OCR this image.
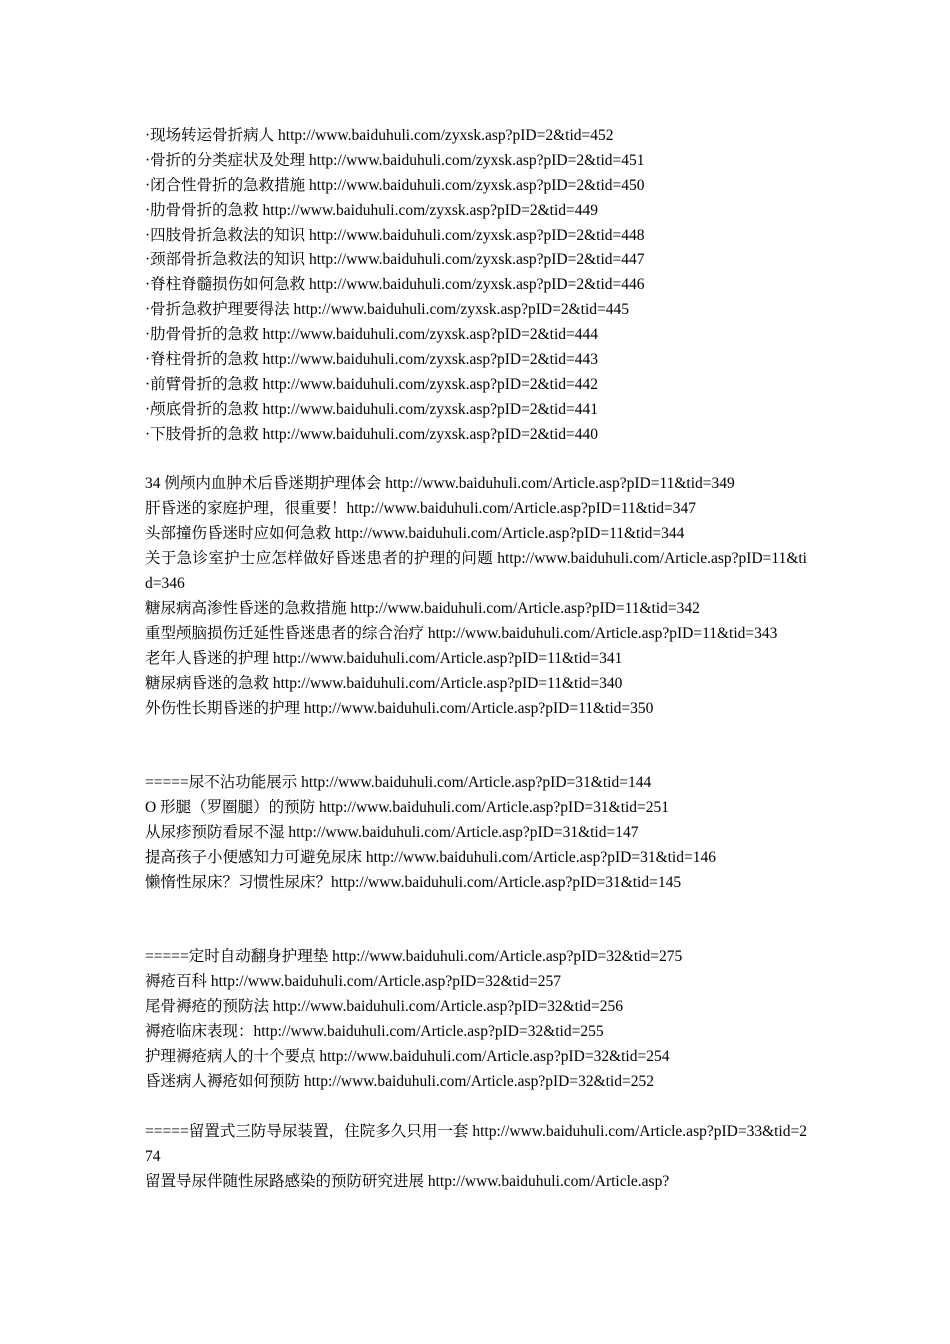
·现场转运骨折病人 http://www.baiduhuli.com/zyxsk.asp?pID=2&tid=452
·骨折的分类症状及处理 http://www.baiduhuli.com/zyxsk.asp?pID=2&tid=451
·闭合性骨折的急救措施 http://www.baiduhuli.com/zyxsk.asp?pID=2&tid=450
·肋骨骨折的急救 http://www.baiduhuli.com/zyxsk.asp?pID=2&tid=449
·四肢骨折急救法的知识 http://www.baiduhuli.com/zyxsk.asp?pID=2&tid=448
·颈部骨折急救法的知识 http://www.baiduhuli.com/zyxsk.asp?pID=2&tid=447
·脊柱脊髓损伤如何急救 http://www.baiduhuli.com/zyxsk.asp?pID=2&tid=446
·骨折急救护理要得法 http://www.baiduhuli.com/zyxsk.asp?pID=2&tid=445
·肋骨骨折的急救 http://www.baiduhuli.com/zyxsk.asp?pID=2&tid=444
·脊柱骨折的急救 http://www.baiduhuli.com/zyxsk.asp?pID=2&tid=443
·前臂骨折的急救 http://www.baiduhuli.com/zyxsk.asp?pID=2&tid=442
·颅底骨折的急救 http://www.baiduhuli.com/zyxsk.asp?pID=2&tid=441
·下肢骨折的急救 http://www.baiduhuli.com/zyxsk.asp?pID=2&tid=440
34 例颅内血肿术后昏迷期护理体会 http://www.baiduhuli.com/Article.asp?pID=11&tid=349
肝昏迷的家庭护理，很重要！http://www.baiduhuli.com/Article.asp?pID=11&tid=347
头部撞伤昏迷时应如何急救 http://www.baiduhuli.com/Article.asp?pID=11&tid=344
关于急诊室护士应怎样做好昏迷患者的护理的问题 http://www.baiduhuli.com/Article.asp?pID=11&tid=346
糖尿病高渗性昏迷的急救措施 http://www.baiduhuli.com/Article.asp?pID=11&tid=342
重型颅脑损伤迁延性昏迷患者的综合治疗 http://www.baiduhuli.com/Article.asp?pID=11&tid=343
老年人昏迷的护理 http://www.baiduhuli.com/Article.asp?pID=11&tid=341
糖尿病昏迷的急救 http://www.baiduhuli.com/Article.asp?pID=11&tid=340
外伤性长期昏迷的护理 http://www.baiduhuli.com/Article.asp?pID=11&tid=350
=====尿不沾功能展示 http://www.baiduhuli.com/Article.asp?pID=31&tid=144
O 形腿（罗圈腿）的预防 http://www.baiduhuli.com/Article.asp?pID=31&tid=251
从尿疹预防看尿不湿 http://www.baiduhuli.com/Article.asp?pID=31&tid=147
提高孩子小便感知力可避免尿床 http://www.baiduhuli.com/Article.asp?pID=31&tid=146
懒惰性尿床？习惯性尿床？http://www.baiduhuli.com/Article.asp?pID=31&tid=145
=====定时自动翻身护理垫 http://www.baiduhuli.com/Article.asp?pID=32&tid=275
褥疮百科 http://www.baiduhuli.com/Article.asp?pID=32&tid=257
尾骨褥疮的预防法 http://www.baiduhuli.com/Article.asp?pID=32&tid=256
褥疮临床表现：http://www.baiduhuli.com/Article.asp?pID=32&tid=255
护理褥疮病人的十个要点 http://www.baiduhuli.com/Article.asp?pID=32&tid=254
昏迷病人褥疮如何预防 http://www.baiduhuli.com/Article.asp?pID=32&tid=252
=====留置式三防导尿装置，住院多久只用一套 http://www.baiduhuli.com/Article.asp?pID=33&tid=274
留置导尿伴随性尿路感染的预防研究进展 http://www.baiduhuli.com/Article.asp?
